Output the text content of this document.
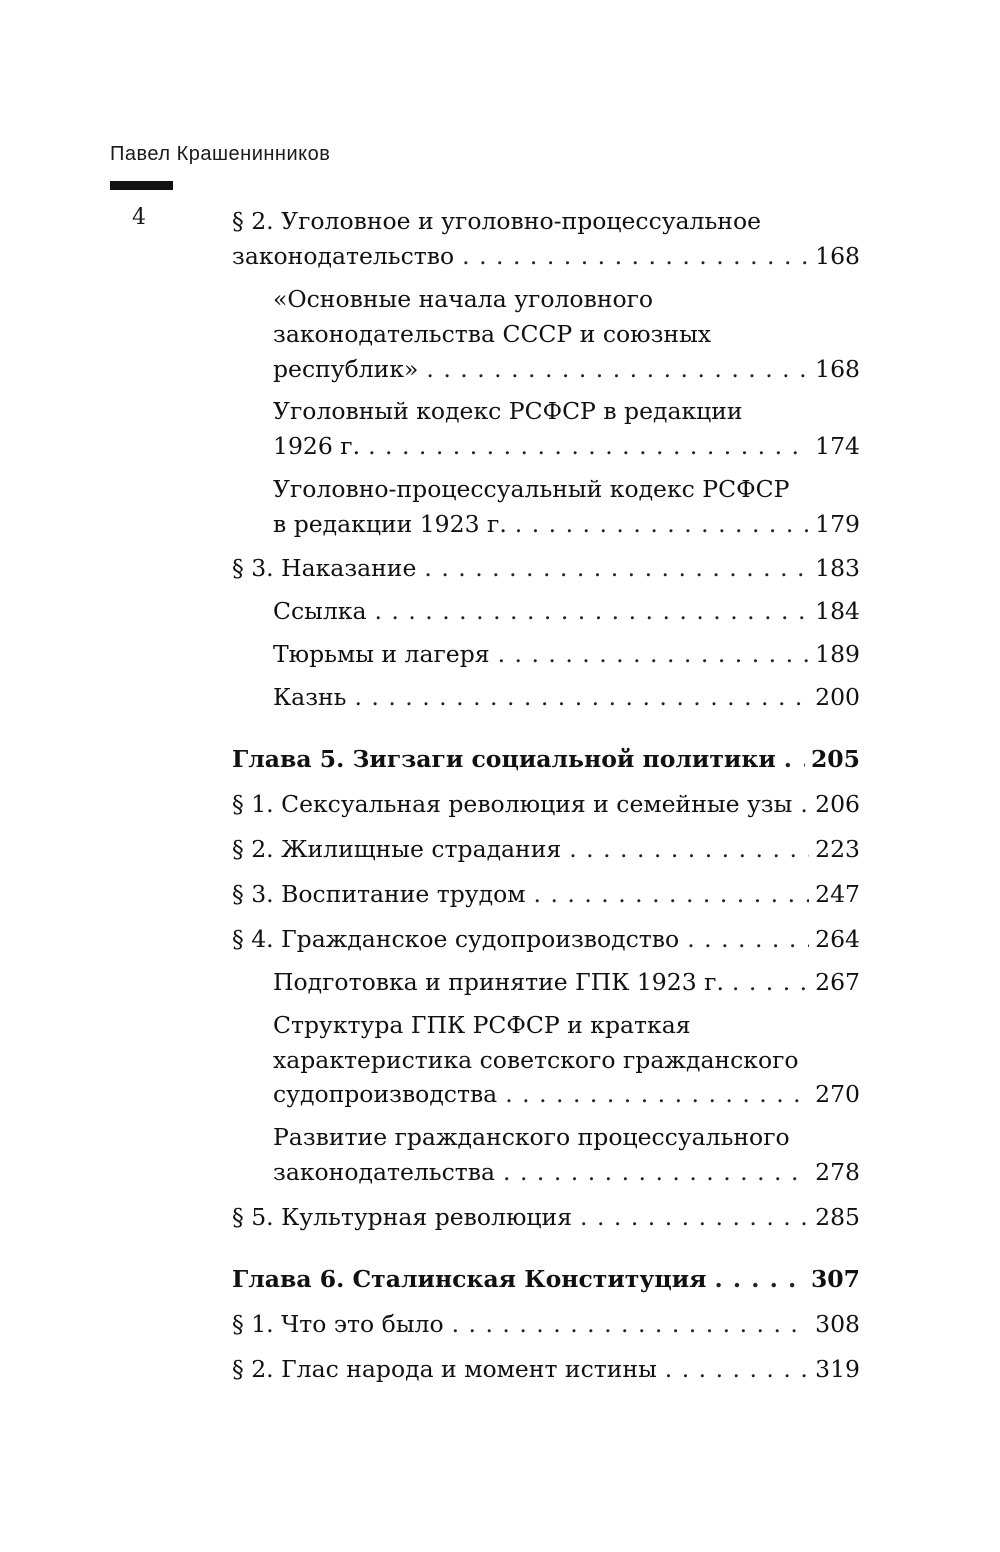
Павел Крашенинников
4	§ 2. Уголовное и уголовно-процессуальное
законодательство . . .	168
«Основные начала уголовного
законодательства СССР и союзных
республик» . . .	168
Уголовный кодекс РСФСР в редакции
1926 г. . . .	174
Уголовно-процессуальный кодекс РСФСР
в редакции 1923 г. . . .	179
§ 3. Наказание . . .	183
Ссылка . . .	184
Тюрьмы и лагеря . . .	189
Казнь . . .	200
Глава 5. Зигзаги социальной политики . . . 205
§ 1. Сексуальная революция и семейные узы . . . 206
§ 2. Жилищные страдания . . .	223
§ 3. Воспитание трудом . . .	247
§ 4. Гражданское судопроизводство . . .	264
Подготовка и принятие ГПК 1923 г. . . .	267
Структура ГПК РСФСР и краткая
характеристика советского гражданского
судопроизводства . . .	270
Развитие гражданского процессуального
законодательства . . .	278
§ 5. Культурная революция . . .	285
Глава 6. Сталинская Конституция . . .	307
§ 1. Что это было . . .	308
§ 2. Глас народа и момент истины . . .	319
